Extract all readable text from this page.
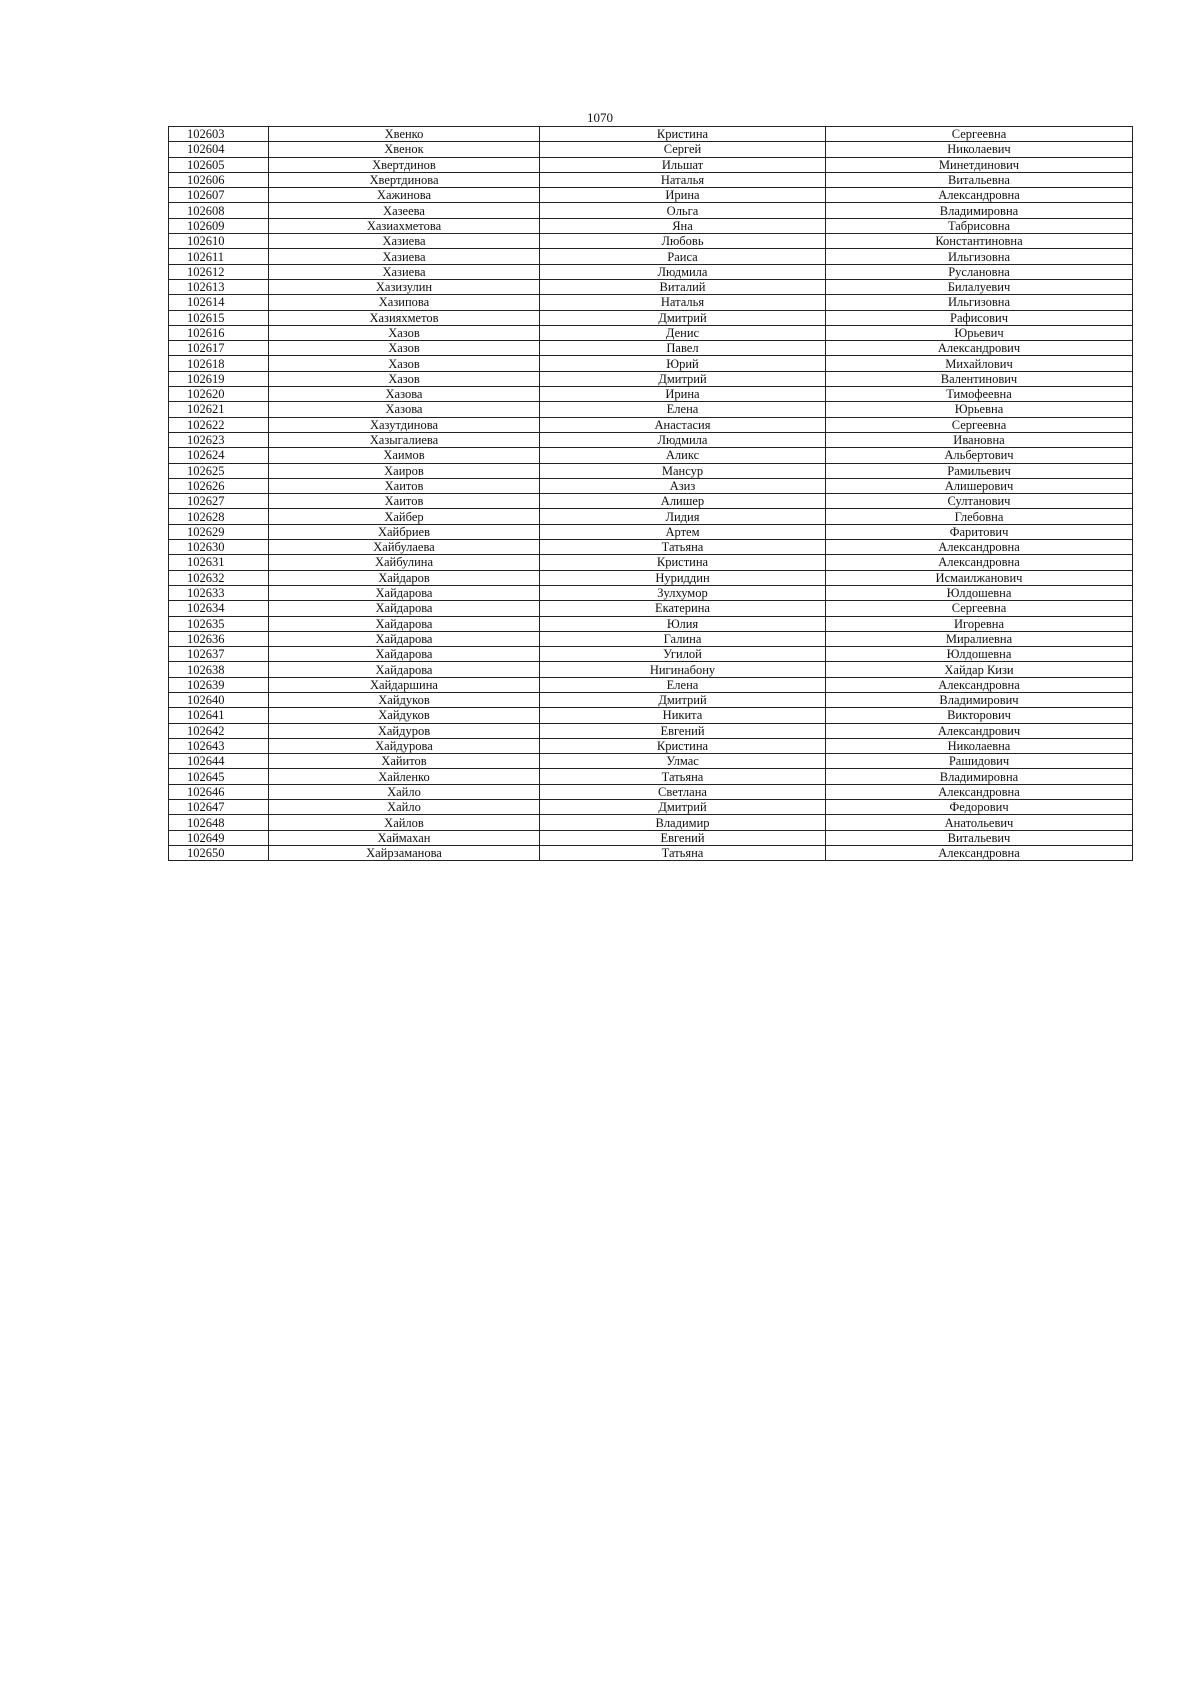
1070
102603	Хвенко	Кристина	Сергеевна
102604	Хвенок	Сергей	Николаевич
102605	Хвертдинов	Ильшат	Минетдинович
102606	Хвертдинова	Наталья	Витальевна
102607	Хажинова	Ирина	Александровна
102608	Хазеева	Ольга	Владимировна
102609	Хазиахметова	Яна	Табрисовна
102610	Хазиева	Любовь	Константиновна
102611	Хазиева	Раиса	Ильгизовна
102612	Хазиева	Людмила	Руслановна
102613	Хазизулин	Виталий	Билалуевич
102614	Хазипова	Наталья	Ильгизовна
102615	Хазияхметов	Дмитрий	Рафисович
102616	Хазов	Денис	Юрьевич
102617	Хазов	Павел	Александрович
102618	Хазов	Юрий	Михайлович
102619	Хазов	Дмитрий	Валентинович
102620	Хазова	Ирина	Тимофеевна
102621	Хазова	Елена	Юрьевна
102622	Хазутдинова	Анастасия	Сергеевна
102623	Хазыгалиева	Людмила	Ивановна
102624	Хаимов	Аликс	Альбертович
102625	Хаиров	Мансур	Рамильевич
102626	Хаитов	Азиз	Алишерович
102627	Хаитов	Алишер	Султанович
102628	Хайбер	Лидия	Глебовна
102629	Хайбриев	Артем	Фаритович
102630	Хайбулаева	Татьяна	Александровна
102631	Хайбулина	Кристина	Александровна
102632	Хайдаров	Нуриддин	Исмаилжанович
102633	Хайдарова	Зулхумор	Юлдошевна
102634	Хайдарова	Екатерина	Сергеевна
102635	Хайдарова	Юлия	Игоревна
102636	Хайдарова	Галина	Миралиевна
102637	Хайдарова	Угилой	Юлдошевна
102638	Хайдарова	Нигинабону	Хайдар Кизи
102639	Хайдаршина	Елена	Александровна
102640	Хайдуков	Дмитрий	Владимирович
102641	Хайдуков	Никита	Викторович
102642	Хайдуров	Евгений	Александрович
102643	Хайдурова	Кристина	Николаевна
102644	Хайитов	Улмас	Рашидович
102645	Хайленко	Татьяна	Владимировна
102646	Хайло	Светлана	Александровна
102647	Хайло	Дмитрий	Федорович
102648	Хайлов	Владимир	Анатольевич
102649	Хаймахан	Евгений	Витальевич
102650	Хайрзаманова	Татьяна	Александровна
